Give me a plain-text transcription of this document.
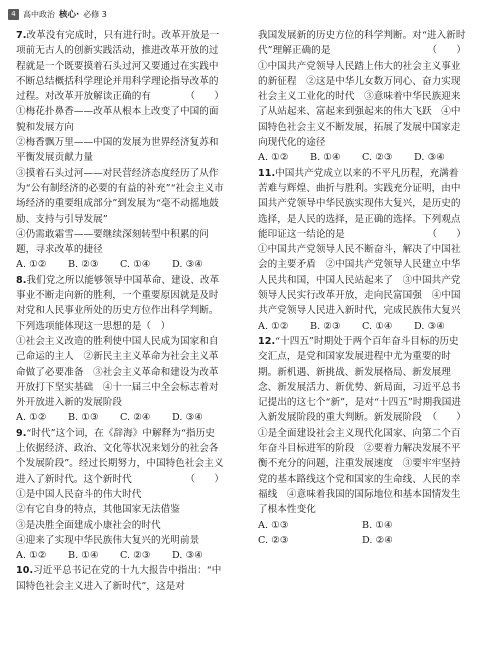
4 高中政治 核心· 必修 3

7.改革没有完成时，只有进行时。改革开放是一项前无古人的创新实践活动，推进改革开放的过程就是一个既要摸着石头过河又要通过在实践中不断总结概括科学理论并用科学理论指导改革的过程。对改革开放解读正确的有	（　　）

①梅花扑鼻香——改革从根本上改变了中国的面貌和发展方向

②梅香飘万里——中国的发展为世界经济复苏和平衡发展贡献力量

③摸着石头过河——对民营经济态度经历了从作为“公有制经济的必要的有益的补充”“社会主义市场经济的重要组成部分”到发展为“毫不动摇地鼓励、支持与引导发展”

④仍需敢霜雪——要继续深刻转型中积累的问题，寻求改革的捷径

A. ①②	B. ②③	C. ①④	D. ③④

8.我们党之所以能够领导中国革命、建设、改革事业不断走向新的胜利，一个重要原因就是及时对党和人民事业所处的历史方位作出科学判断。下列选项能体现这一思想的是（　）

①社会主义改造的胜利使中国人民成为国家和自己命运的主人　②新民主主义革命为社会主义革命做了必要准备　③社会主义革命和建设为改革开放打下坚实基础　④十一届三中全会标志着对外开放进入新的发展阶段

A. ①②	B. ①③	C. ②④	D. ③④

9.“时代”这个词，在《辞海》中解释为“指历史上依据经济、政治、文化等状况来划分的社会各个发展阶段”。经过长期努力，中国特色社会主义进入了新时代。这个新时代	（　　）

①是中国人民奋斗的伟大时代

②有它自身的特点，其他国家无法借鉴

③是决胜全面建成小康社会的时代

④迎来了实现中华民族伟大复兴的光明前景

A. ①②	B. ①④	C. ②③	D. ③④

10.习近平总书记在党的十九大报告中指出：“中国特色社会主义进入了新时代”，这是对

我国发展新的历史方位的科学判断。对“进入新时代”理解正确的是	（　　）

①中国共产党领导人民踏上伟大的社会主义事业的新征程　②这是中华儿女数万同心、奋力实现社会主义工业化的时代　③意味着中华民族迎来了从站起来、富起来到强起来的伟大飞跃　④中国特色社会主义不断发展，拓展了发展中国家走向现代化的途径

A. ①②	B. ①④	C. ②③	D. ③④

11.中国共产党成立以来的不平凡历程，充满着苦难与辉煌、曲折与胜利。实践充分证明，由中国共产党领导中华民族实现伟大复兴，是历史的选择，是人民的选择，是正确的选择。下列观点能印证这一结论的是	（　　）

①中国共产党领导人民不断奋斗，解决了中国社会的主要矛盾　②中国共产党领导人民建立中华人民共和国，中国人民站起来了　③中国共产党领导人民实行改革开放，走向民富国强　④中国共产党领导人民进入新时代，完成民族伟大复兴

A. ①②	B. ②③	C. ①④	D. ③④

12.“十四五”时期处于两个百年奋斗目标的历史交汇点，是党和国家发展进程中尤为重要的时期。新机遇、新挑战、新发展格局、新发展理念、新发展活力、新优势、新局面，习近平总书记提出的这七个“新”，是对“十四五”时期我国进入新发展阶段的重大判断。新发展阶段 （　　）

①是全面建设社会主义现代化国家、向第二个百年奋斗目标进军的阶段　②要着力解决发展不平衡不充分的问题，注重发展速度　③要牢牢坚持党的基本路线这个党和国家的生命线、人民的幸福线　④意味着我国的国际地位和基本国情发生了根本性变化

A. ①③	B. ①④
C. ②③	D. ②④
